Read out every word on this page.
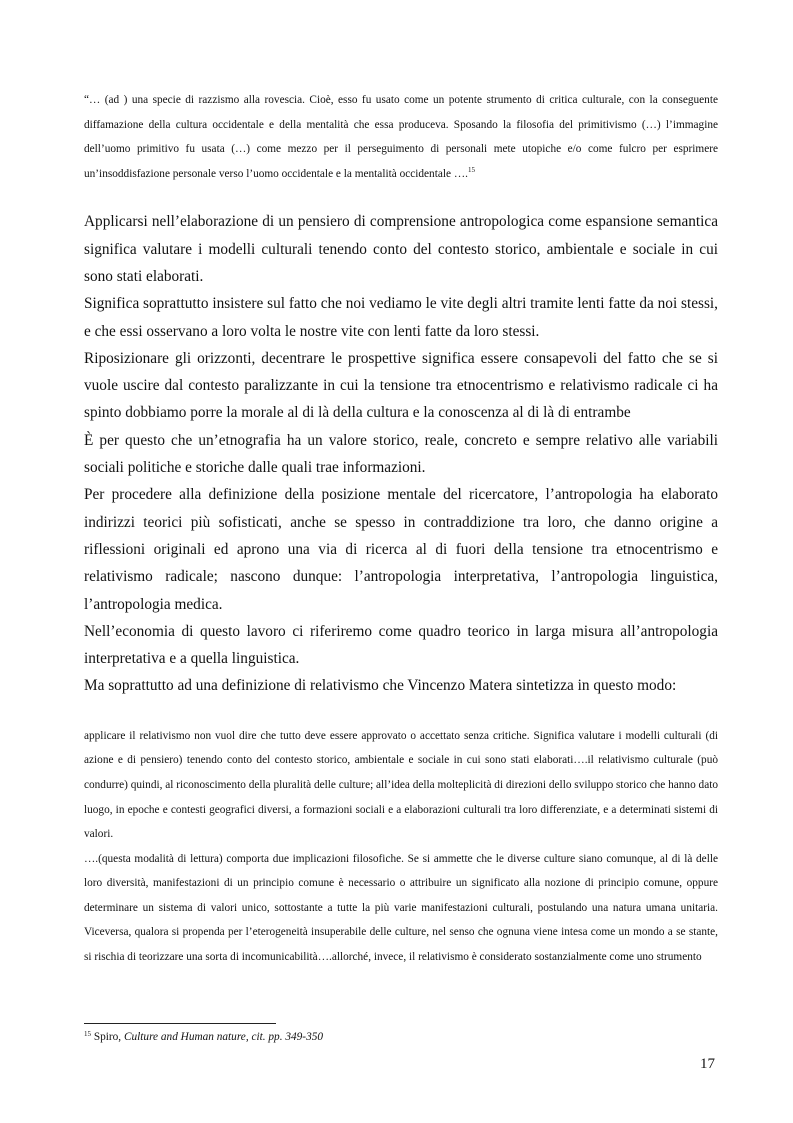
“… (ad ) una specie di razzismo alla rovescia. Cioè, esso fu usato come un potente strumento di critica culturale, con la conseguente diffamazione della cultura occidentale e della mentalità che essa produceva. Sposando la filosofia del primitivismo (…) l’immagine dell’uomo primitivo fu usata (…) come mezzo per il perseguimento di personali mete utopiche e/o come fulcro per esprimere un’insoddisfazione personale verso l’uomo occidentale e la mentalità occidentale ….$^{15}$

Applicarsi nell’elaborazione di un pensiero di comprensione antropologica come espansione semantica significa valutare i modelli culturali tenendo conto del contesto storico, ambientale e sociale in cui sono stati elaborati.

Significa soprattutto insistere sul fatto che noi vediamo le vite degli altri tramite lenti fatte da noi stessi, e che essi osservano a loro volta le nostre vite con lenti fatte da loro stessi.

Riposizionare gli orizzonti, decentrare le prospettive significa essere consapevoli del fatto che se si vuole uscire dal contesto paralizzante in cui la tensione tra etnocentrismo e relativismo radicale ci ha spinto dobbiamo porre la morale al di là della cultura e la conoscenza al di là di entrambe

È per questo che un’etnografia ha un valore storico, reale, concreto e sempre relativo alle variabili sociali politiche e storiche dalle quali trae informazioni.

Per procedere alla definizione della posizione mentale del ricercatore, l’antropologia ha elaborato indirizzi teorici più sofisticati, anche se spesso in contraddizione tra loro, che danno origine a riflessioni originali ed aprono una via di ricerca al di fuori della tensione tra etnocentrismo e relativismo radicale; nascono dunque: l’antropologia interpretativa, l’antropologia linguistica, l’antropologia medica.

Nell’economia di questo lavoro ci riferiremo come quadro teorico in larga misura all’antropologia interpretativa e a quella linguistica.

Ma soprattutto ad una definizione di relativismo che Vincenzo Matera sintetizza in questo modo:

applicare il relativismo non vuol dire che tutto deve essere approvato o accettato senza critiche. Significa valutare i modelli culturali (di azione e di pensiero) tenendo conto del contesto storico, ambientale e sociale in cui sono stati elaborati….il relativismo culturale (può condurre) quindi, al riconoscimento della pluralità delle culture; all’idea della molteplicità di direzioni dello sviluppo storico che hanno dato luogo, in epoche e contesti geografici diversi, a formazioni sociali e a elaborazioni culturali tra loro differenziate, e a determinati sistemi di valori.

….(questa modalità di lettura) comporta due implicazioni filosofiche. Se si ammette che le diverse culture siano comunque, al di là delle loro diversità, manifestazioni di un principio comune è necessario o attribuire un significato alla nozione di principio comune, oppure determinare un sistema di valori unico, sottostante a tutte la più varie manifestazioni culturali, postulando una natura umana unitaria. Viceversa, qualora si propenda per l’eterogeneità insuperabile delle culture, nel senso che ognuna viene intesa come un mondo a se stante, si rischia di teorizzare una sorta di incomunicabilità….allorché, invece, il relativismo è considerato sostanzialmente come uno strumento

$^{15}$ Spiro, Culture and Human nature, cit. pp. 349-350

17
